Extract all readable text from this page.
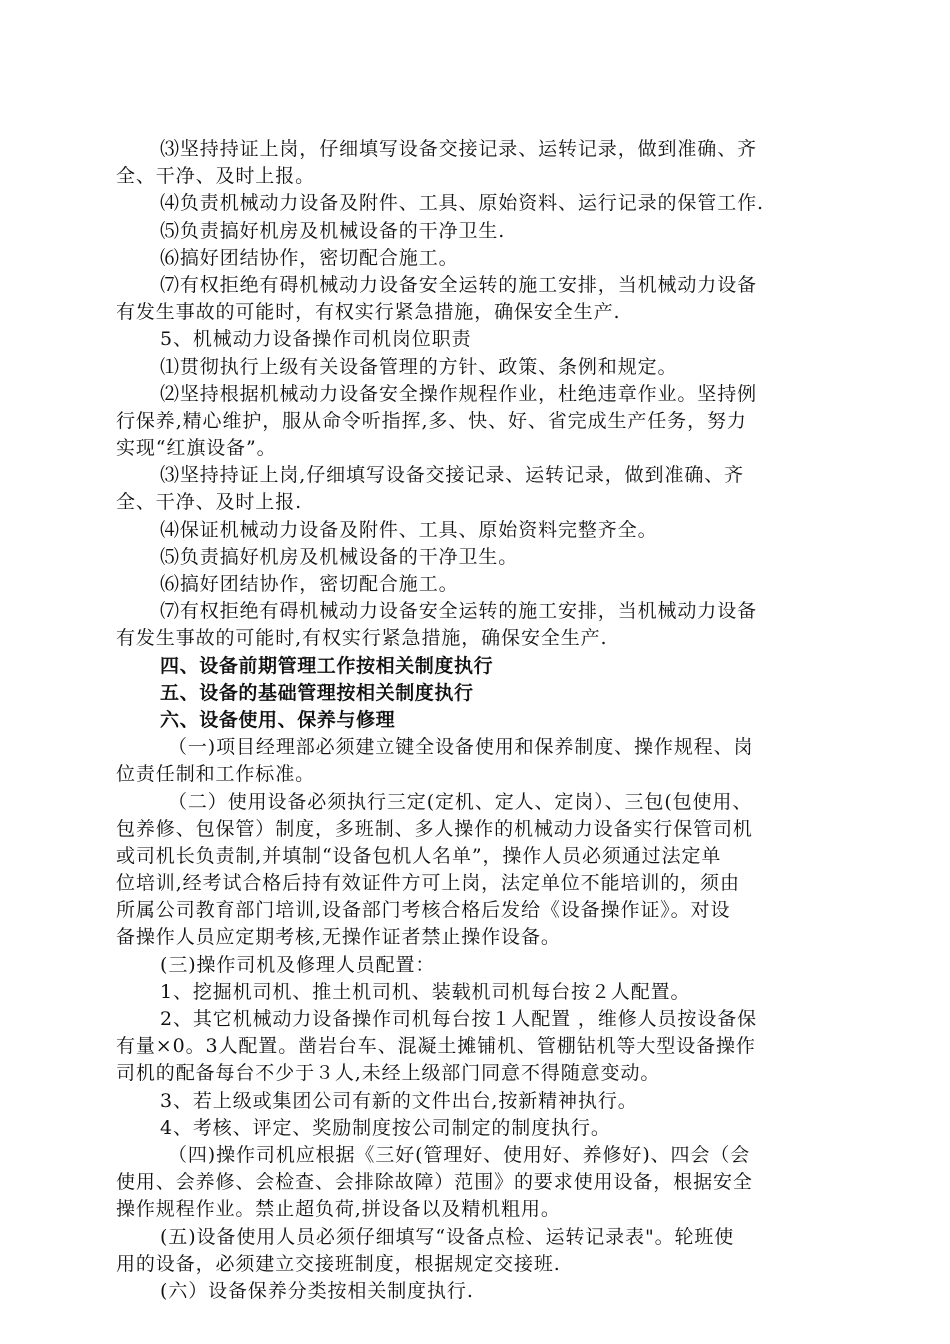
⑶坚持持证上岗，仔细填写设备交接记录、运转记录，做到准确、齐
全、干净、及时上报。
⑷负责机械动力设备及附件、工具、原始资料、运行记录的保管工作.
⑸负责搞好机房及机械设备的干净卫生.
⑹搞好团结协作，密切配合施工。
⑺有权拒绝有碍机械动力设备安全运转的施工安排，当机械动力设备
有发生事故的可能时，有权实行紧急措施，确保安全生产.
5、机械动力设备操作司机岗位职责
⑴贯彻执行上级有关设备管理的方针、政策、条例和规定。
⑵坚持根据机械动力设备安全操作规程作业，杜绝违章作业。坚持例
行保养,精心维护，服从命令听指挥,多、快、好、省完成生产任务，努力
实现“红旗设备”。
⑶坚持持证上岗,仔细填写设备交接记录、运转记录，做到准确、齐
全、干净、及时上报.
⑷保证机械动力设备及附件、工具、原始资料完整齐全。
⑸负责搞好机房及机械设备的干净卫生。
⑹搞好团结协作，密切配合施工。
⑺有权拒绝有碍机械动力设备安全运转的施工安排，当机械动力设备
有发生事故的可能时,有权实行紧急措施，确保安全生产.
四、设备前期管理工作按相关制度执行
五、设备的基础管理按相关制度执行
六、设备使用、保养与修理
（一)项目经理部必须建立键全设备使用和保养制度、操作规程、岗
位责任制和工作标准。
（二）使用设备必须执行三定(定机、定人、定岗）、三包(包使用、
包养修、包保管）制度，多班制、多人操作的机械动力设备实行保管司机
或司机长负责制,并填制“设备包机人名单”，操作人员必须通过法定单
位培训,经考试合格后持有效证件方可上岗，法定单位不能培训的，须由
所属公司教育部门培训,设备部门考核合格后发给《设备操作证》。对设
备操作人员应定期考核,无操作证者禁止操作设备。
(三)操作司机及修理人员配置：
1、挖掘机司机、推土机司机、装载机司机每台按２人配置。
2、其它机械动力设备操作司机每台按１人配置 ，维修人员按设备保
有量×0。3人配置。凿岩台车、混凝土摊铺机、管棚钻机等大型设备操作
司机的配备每台不少于３人,未经上级部门同意不得随意变动。
3、若上级或集团公司有新的文件出台,按新精神执行。
4、考核、评定、奖励制度按公司制定的制度执行。
（四)操作司机应根据《三好(管理好、使用好、养修好)、四会（会
使用、会养修、会检查、会排除故障）范围》的要求使用设备，根据安全
操作规程作业。禁止超负荷,拼设备以及精机粗用。
(五)设备使用人员必须仔细填写“设备点检、运转记录表"。轮班使
用的设备，必须建立交接班制度，根据规定交接班.
(六）设备保养分类按相关制度执行.
